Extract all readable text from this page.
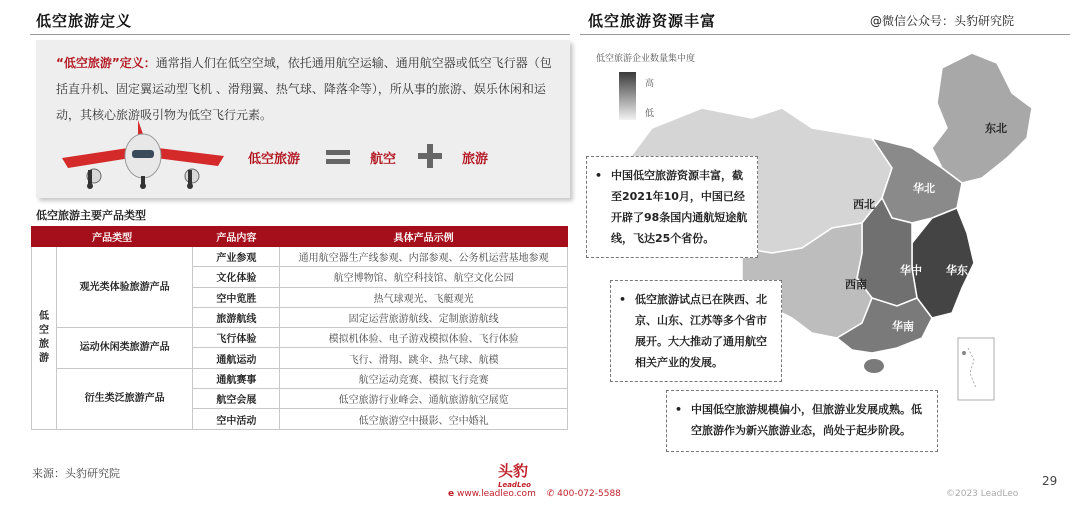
低空旅游定义
“低空旅游”定义：通常指人们在低空空域，依托通用航空运输、通用航空器或低空飞行器（包括直升机、固定翼运动型飞机 、滑翔翼、热气球、降落伞等），所从事的旅游、娱乐休闲和运动，其核心旅游吸引物为低空飞行元素。
低空旅游	航空	旅游
低空旅游主要产品类型
产品类型		产品内容	具体产品示例
低空旅游	观光类体验旅游产品	产业参观	通用航空器生产线参观、内部参观、公务机运营基地参观
		文化体验	航空博物馆、航空科技馆、航空文化公园
		空中览胜	热气球观光、飞艇观光
		旅游航线	固定运营旅游航线、定制旅游航线
	运动休闲类旅游产品	飞行体验	模拟机体验、电子游戏模拟体验、飞行体验
		通航运动	飞行、滑翔、跳伞、热气球、航模
	衍生类泛旅游产品	通航赛事	航空运动竞赛、模拟飞行竞赛
		航空会展	低空旅游行业峰会、通航旅游航空展览
		空中活动	低空旅游空中摄影、空中婚礼
来源：头豹研究院
低空旅游资源丰富	@微信公众号：头豹研究院
东北
华北
西北
华东
华中
西南
华南
低空旅游企业数量集中度
高
低
• 中国低空旅游资源丰富，截至2021年10月，中国已经开辟了98条国内通航短途航线，飞达25个省份。
• 低空旅游试点已在陕西、北京、山东、江苏等多个省市展开。大大推动了通用航空相关产业的发展。
• 中国低空旅游规模偏小，但旅游业发展成熟。低空旅游作为新兴旅游业态，尚处于起步阶段。
头豹
LeadLeo
e www.leadleo.com ✆ 400-072-5588
29
©2023 LeadLeo
